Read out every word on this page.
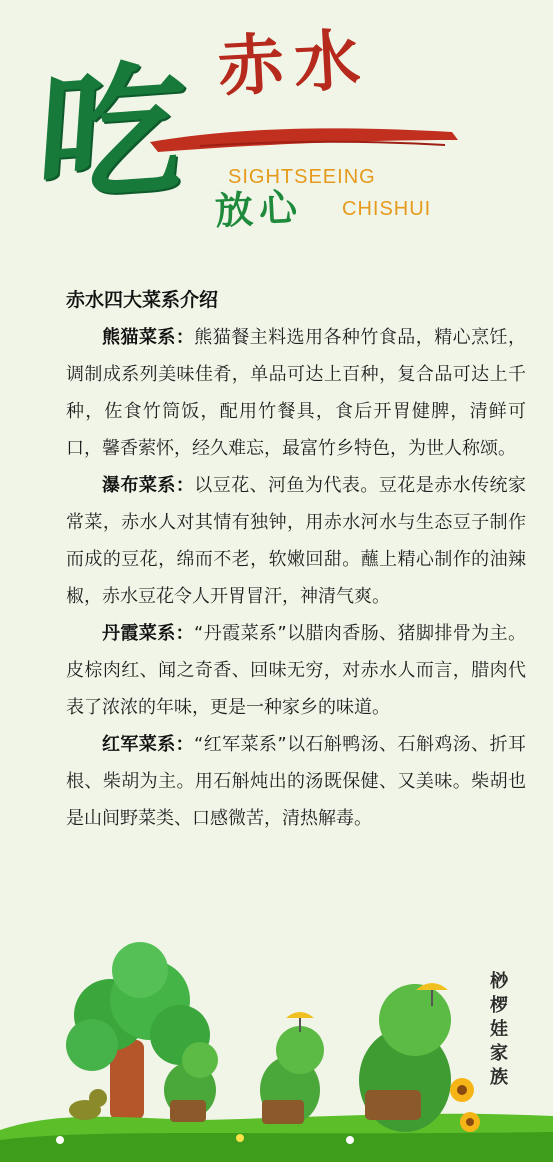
吃 赤水
放心
SIGHTSEEING
CHISHUI
赤水四大菜系介绍

熊猫菜系：熊猫餐主料选用各种竹食品，精心烹饪，调制成系列美味佳肴，单品可达上百种，复合品可达上千种，佐食竹筒饭，配用竹餐具，食后开胃健脾，清鲜可口，馨香萦怀，经久难忘，最富竹乡特色，为世人称颂。

瀑布菜系：以豆花、河鱼为代表。豆花是赤水传统家常菜，赤水人对其情有独钟，用赤水河水与生态豆子制作而成的豆花，绵而不老，软嫩回甜。蘸上精心制作的油辣椒，赤水豆花令人开胃冒汗，神清气爽。

丹霞菜系：“丹霞菜系”以腊肉香肠、猪脚排骨为主。皮棕肉红、闻之奇香、回味无穷，对赤水人而言，腊肉代表了浓浓的年味，更是一种家乡的味道。

红军菜系：“红军菜系”以石斛鸭汤、石斛鸡汤、折耳根、柴胡为主。用石斛炖出的汤既保健、又美味。柴胡也是山间野菜类、口感微苦，清热解毒。

桫
椤
娃
家
族
